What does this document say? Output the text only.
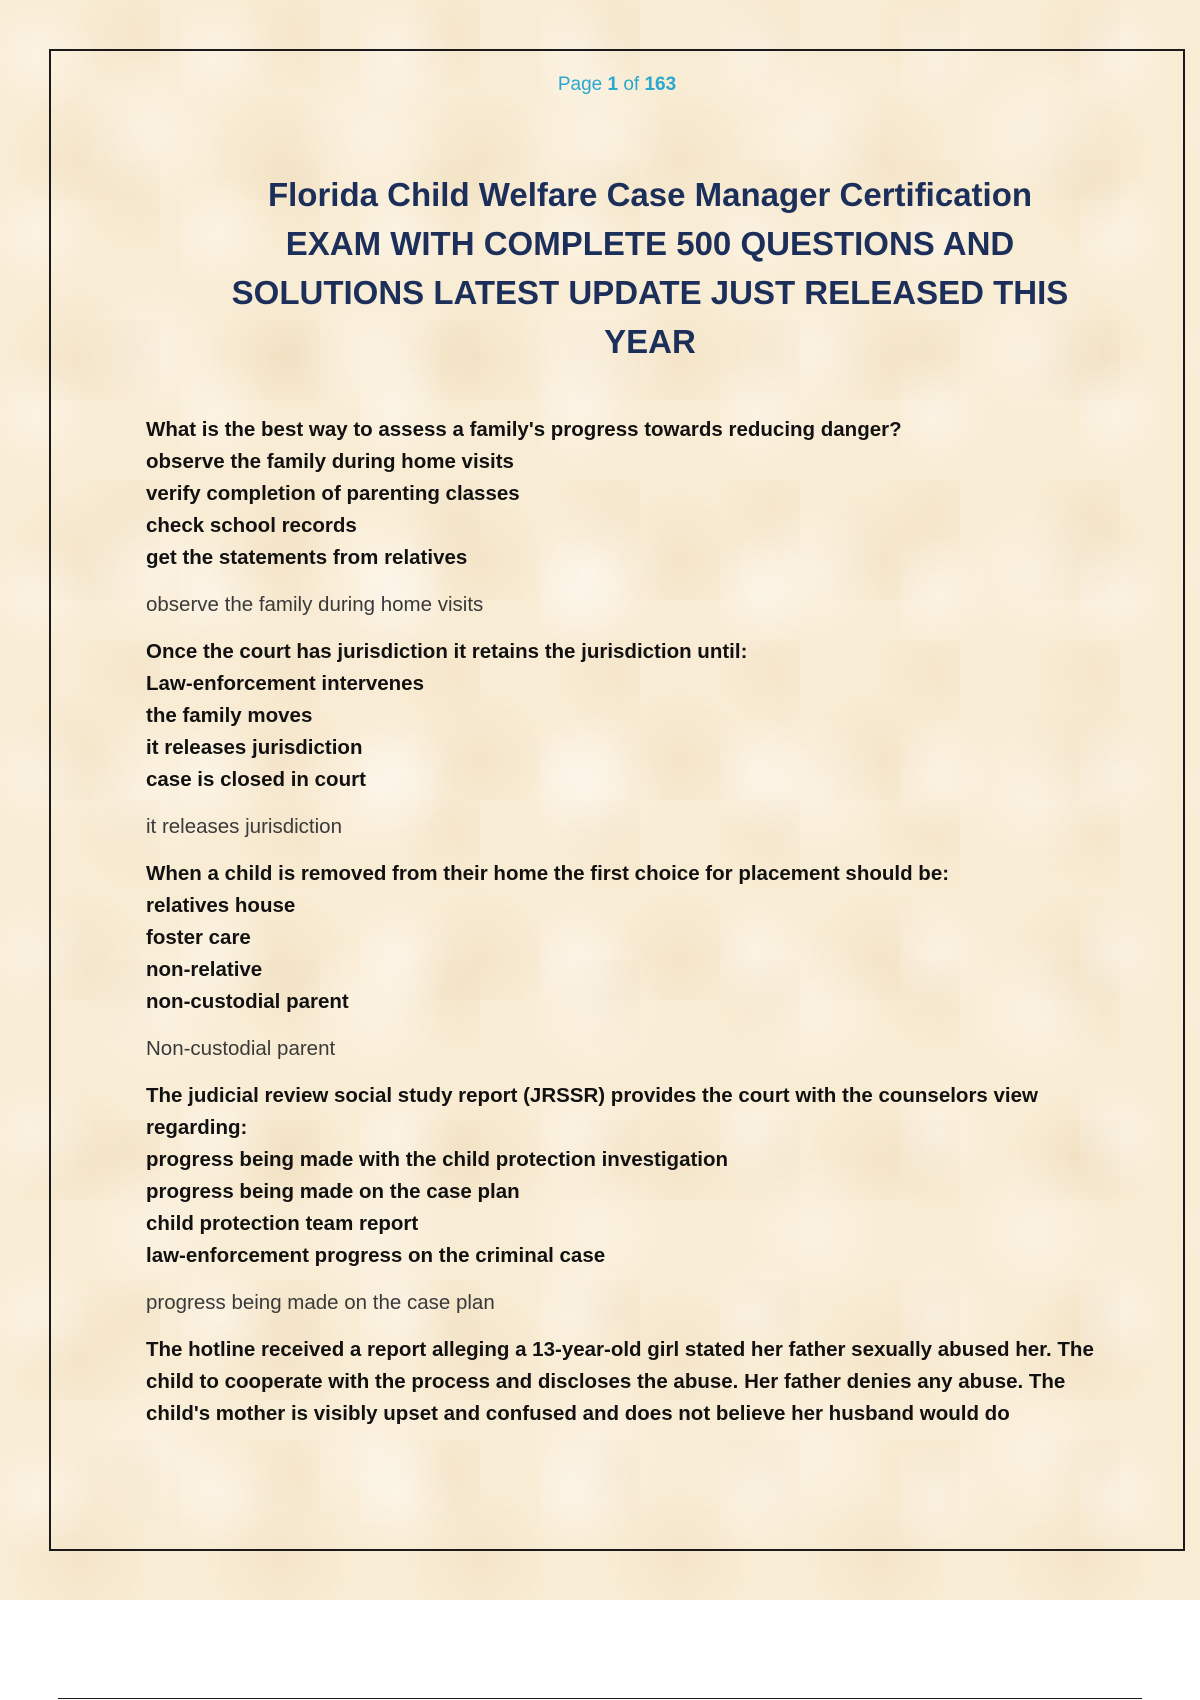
Page 1 of 163
Florida Child Welfare Case Manager Certification EXAM WITH COMPLETE 500 QUESTIONS AND SOLUTIONS LATEST UPDATE JUST RELEASED THIS YEAR
What is the best way to assess a family's progress towards reducing danger?
observe the family during home visits
verify completion of parenting classes
check school records
get the statements from relatives
observe the family during home visits
Once the court has jurisdiction it retains the jurisdiction until:
Law-enforcement intervenes
the family moves
it releases jurisdiction
case is closed in court
it releases jurisdiction
When a child is removed from their home the first choice for placement should be:
relatives house
foster care
non-relative
non-custodial parent
Non-custodial parent
The judicial review social study report (JRSSR) provides the court with the counselors view regarding:
progress being made with the child protection investigation
progress being made on the case plan
child protection team report
law-enforcement progress on the criminal case
progress being made on the case plan
The hotline received a report alleging a 13-year-old girl stated her father sexually abused her. The child to cooperate with the process and discloses the abuse. Her father denies any abuse. The child's mother is visibly upset and confused and does not believe her husband would do
